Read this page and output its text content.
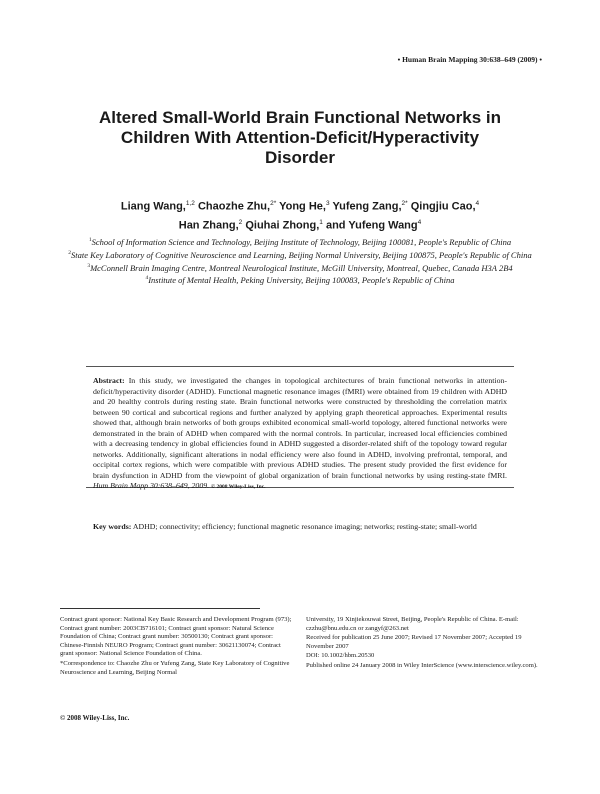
• Human Brain Mapping 30:638–649 (2009) •
Altered Small-World Brain Functional Networks in
Children With Attention-Deficit/Hyperactivity
Disorder
Liang Wang,$^{1,2}$ Chaozhe Zhu,$^{2*}$ Yong He,$^3$ Yufeng Zang,$^{2*}$ Qingjiu Cao,$^4$
Han Zhang,$^2$ Qiuhai Zhong,$^1$ and Yufeng Wang$^4$
$^1$School of Information Science and Technology, Beijing Institute of Technology, Beijing 100081, People's Republic of China
$^2$State Key Laboratory of Cognitive Neuroscience and Learning, Beijing Normal University, Beijing 100875, People's Republic of China
$^3$McConnell Brain Imaging Centre, Montreal Neurological Institute, McGill University, Montreal, Quebec, Canada H3A 2B4
$^4$Institute of Mental Health, Peking University, Beijing 100083, People's Republic of China
Abstract: In this study, we investigated the changes in topological architectures of brain functional networks in attention-deficit/hyperactivity disorder (ADHD). Functional magnetic resonance images (fMRI) were obtained from 19 children with ADHD and 20 healthy controls during resting state. Brain functional networks were constructed by thresholding the correlation matrix between 90 cortical and subcortical regions and further analyzed by applying graph theoretical approaches. Experimental results showed that, although brain networks of both groups exhibited economical small-world topology, altered functional networks were demonstrated in the brain of ADHD when compared with the normal controls. In particular, increased local efficiencies combined with a decreasing tendency in global efficiencies found in ADHD suggested a disorder-related shift of the topology toward regular networks. Additionally, significant alterations in nodal efficiency were also found in ADHD, involving prefrontal, temporal, and occipital cortex regions, which were compatible with previous ADHD studies. The present study provided the first evidence for brain dysfunction in ADHD from the viewpoint of global organization of brain functional networks by using resting-state fMRI. Hum Brain Mapp 30:638–649, 2009. © 2008 Wiley-Liss, Inc.
Key words: ADHD; connectivity; efficiency; functional magnetic resonance imaging; networks; resting-state; small-world

Contract grant sponsor: National Key Basic Research and Development Program (973); Contract grant number: 2003CB716101; Contract grant sponsor: Natural Science Foundation of China; Contract grant number: 30500130; Contract grant sponsor: Chinese-Finnish NEURO Program; Contract grant number: 30621130074; Contract grant sponsor: National Science Foundation of China.

*Correspondence to: Chaozhe Zhu or Yufeng Zang, State Key Laboratory of Cognitive Neuroscience and Learning, Beijing Normal

University, 19 Xinjiekouwai Street, Beijing, People's Republic of China. E-mail: czzhu@bnu.edu.cn or zangyf@263.net

Received for publication 25 June 2007; Revised 17 November 2007; Accepted 19 November 2007

DOI: 10.1002/hbm.20530

Published online 24 January 2008 in Wiley InterScience (www.interscience.wiley.com).

© 2008 Wiley-Liss, Inc.
